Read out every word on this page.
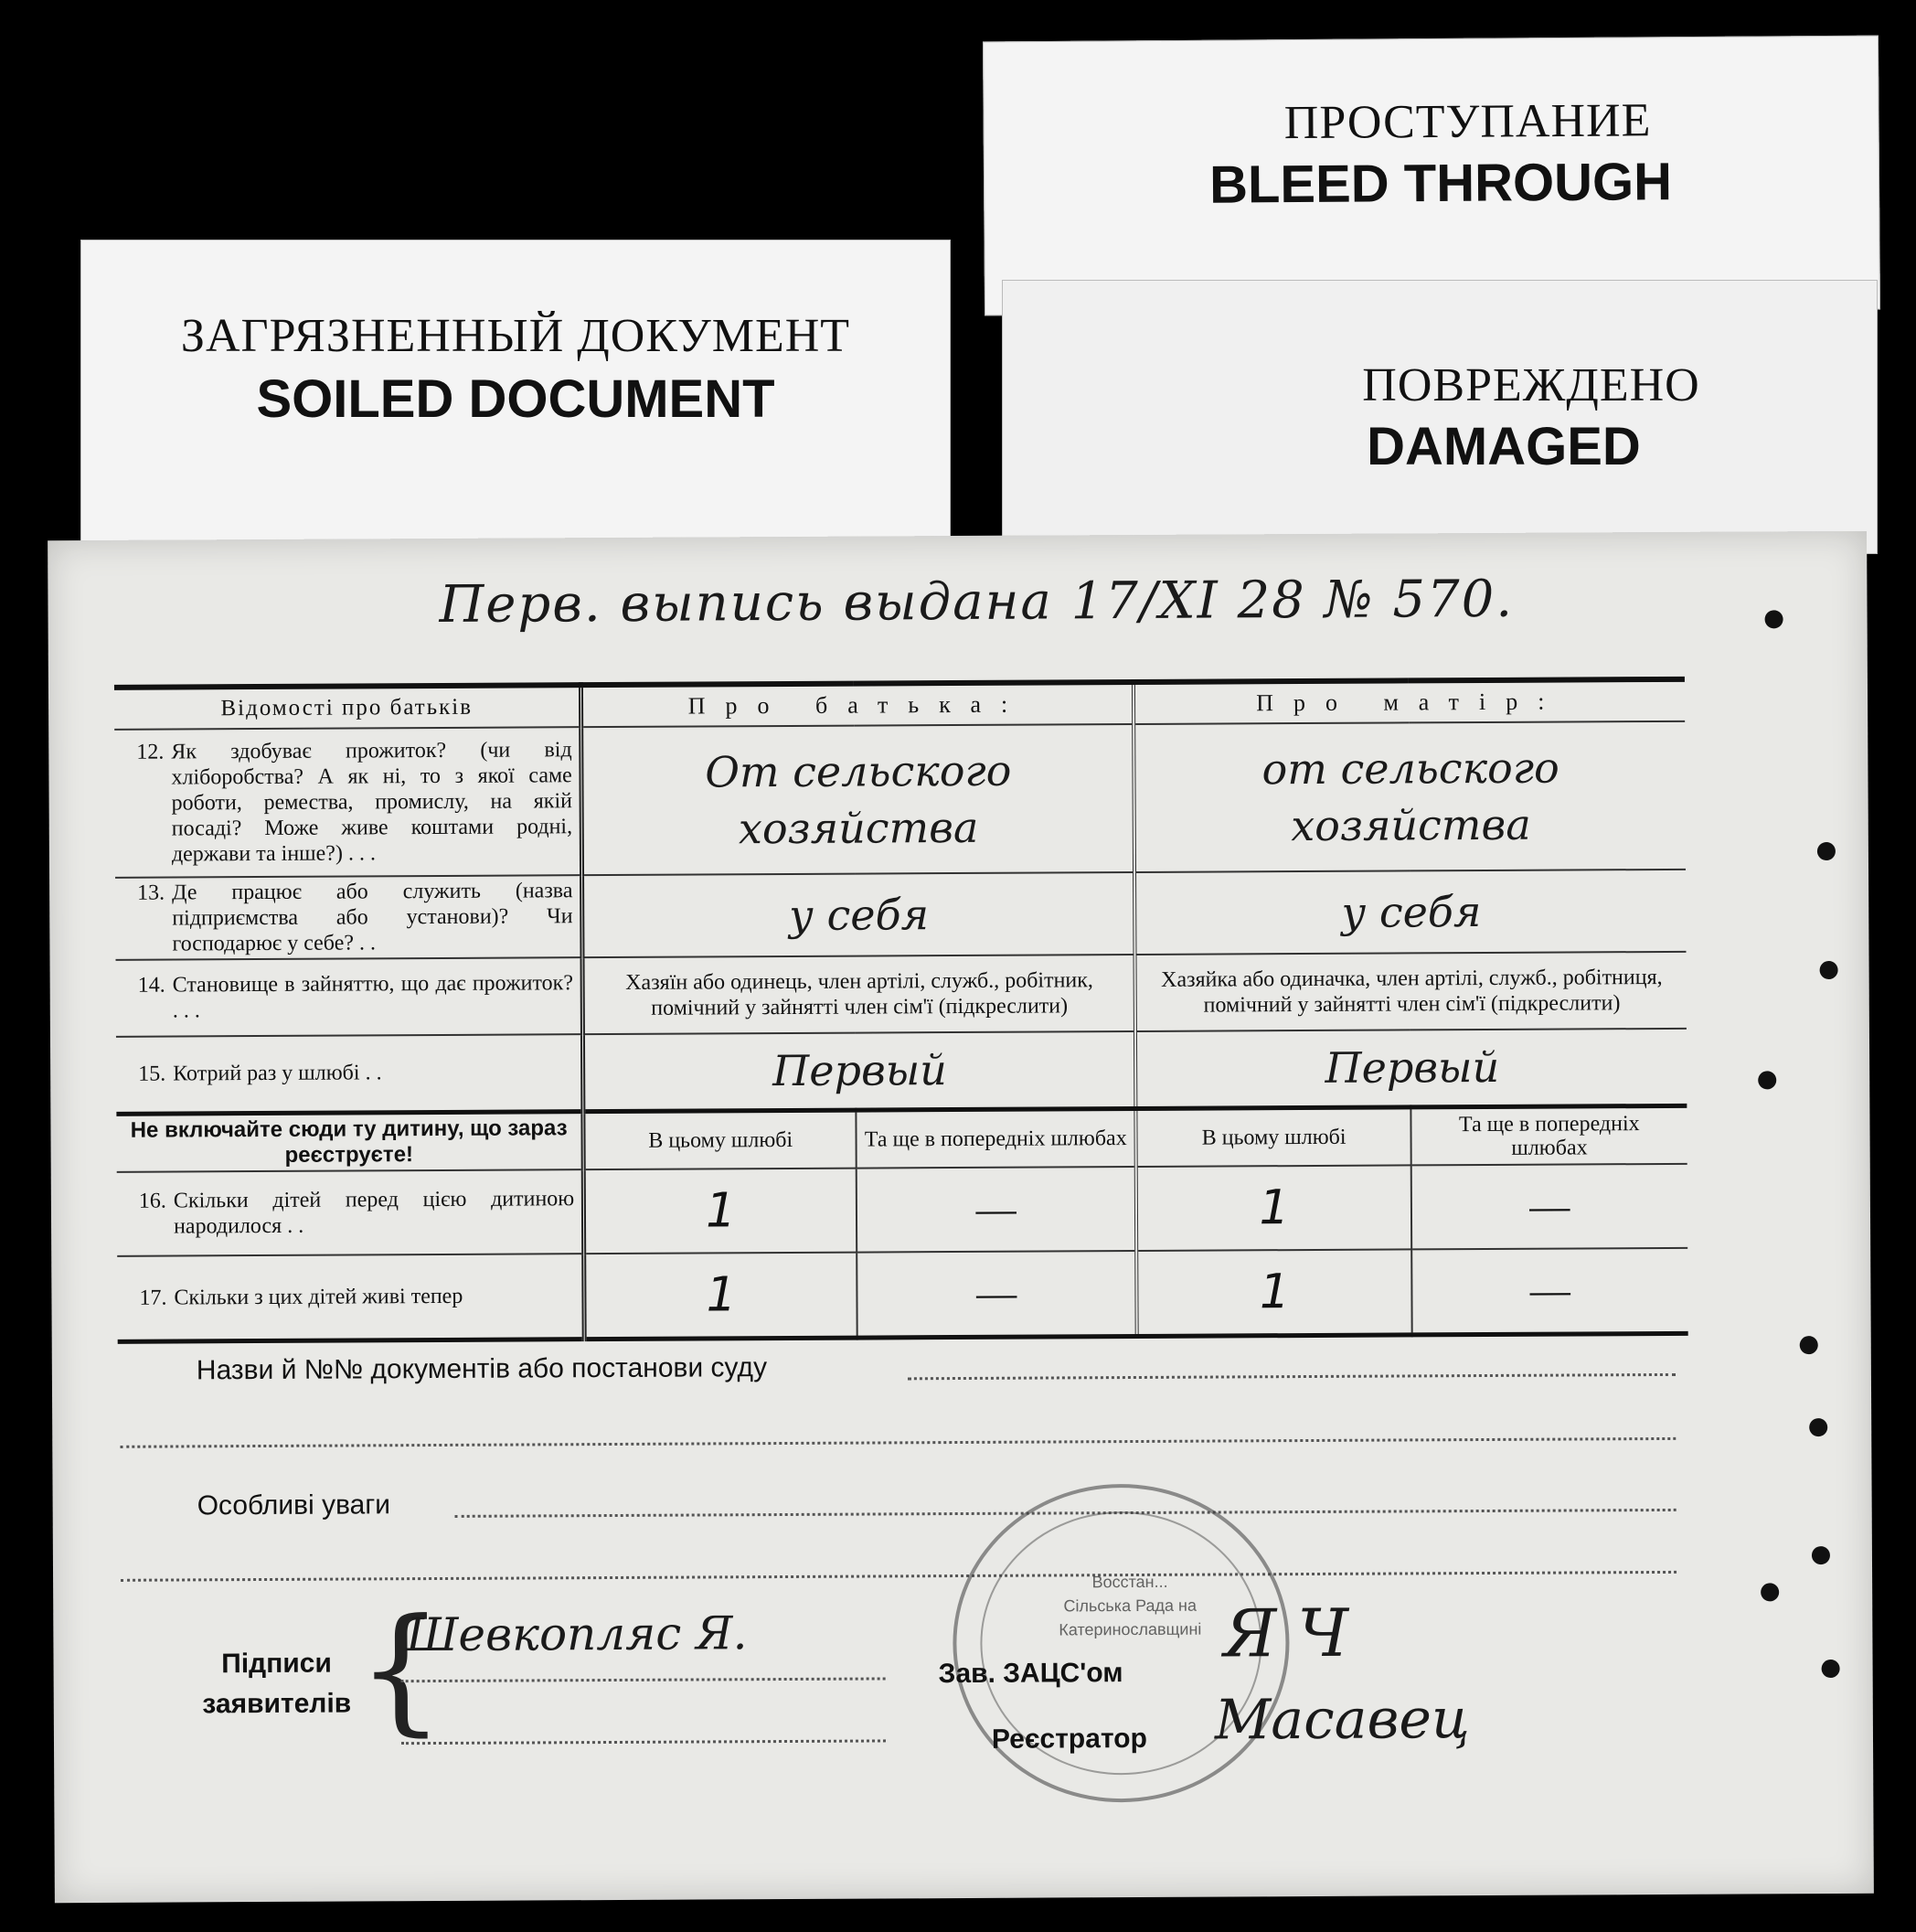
ЗАГРЯЗНЕННЫЙ ДОКУМЕНТ
SOILED DOCUMENT
ПРОСТУПАНИЕ
BLEED THROUGH
ПОВРЕЖДЕНО
DAMAGED
Перв. выпись выдана 17/XI 28 № 570.
Відомості про батьків	Про батька:		Про матір:	

12. Як здобуває прожиток? (чи від хліборобства? А як ні, то з якої саме роботи, ремества, промислу, на якій посаді? Може живе коштами родні, держави та інше?) . . .	От сельского хозяйства		от сельского хозяйства	

13. Де працює або служить (назва підприємства або установи)? Чи господарює у себе? . .	у себя		у себя	

14. Становище в зайняттю, що дає прожиток? . . .	Хазяїн або одинець, член артілі, служб., робітник, помічний у зайнятті член сім'ї (підкреслити)		Хазяйка або одиначка, член артілі, служб., робітниця, помічний у зайнятті член сім'ї (підкреслити)	

15. Котрий раз у шлюбі . .	Первый		Первый	

Не включайте сюди ту дитину, що зараз реєструєте!	В цьому шлюбі	Та ще в попередніх шлюбах	В цьому шлюбі	Та ще в попередніх шлюбах

16. Скільки дітей перед цією дитиною народилося . .	1	—	1	—

17. Скільки з цих дітей живі тепер	1	—	1	—
Назви й №№ документів або постанови суду
Особливі уваги
Підписи заявителів {
Шевкопляс Я.
Восстан... Сільська Рада на Катеринославщині
Зав. ЗАЦС'ом
Реєстратор
Я Ч
Масавец
